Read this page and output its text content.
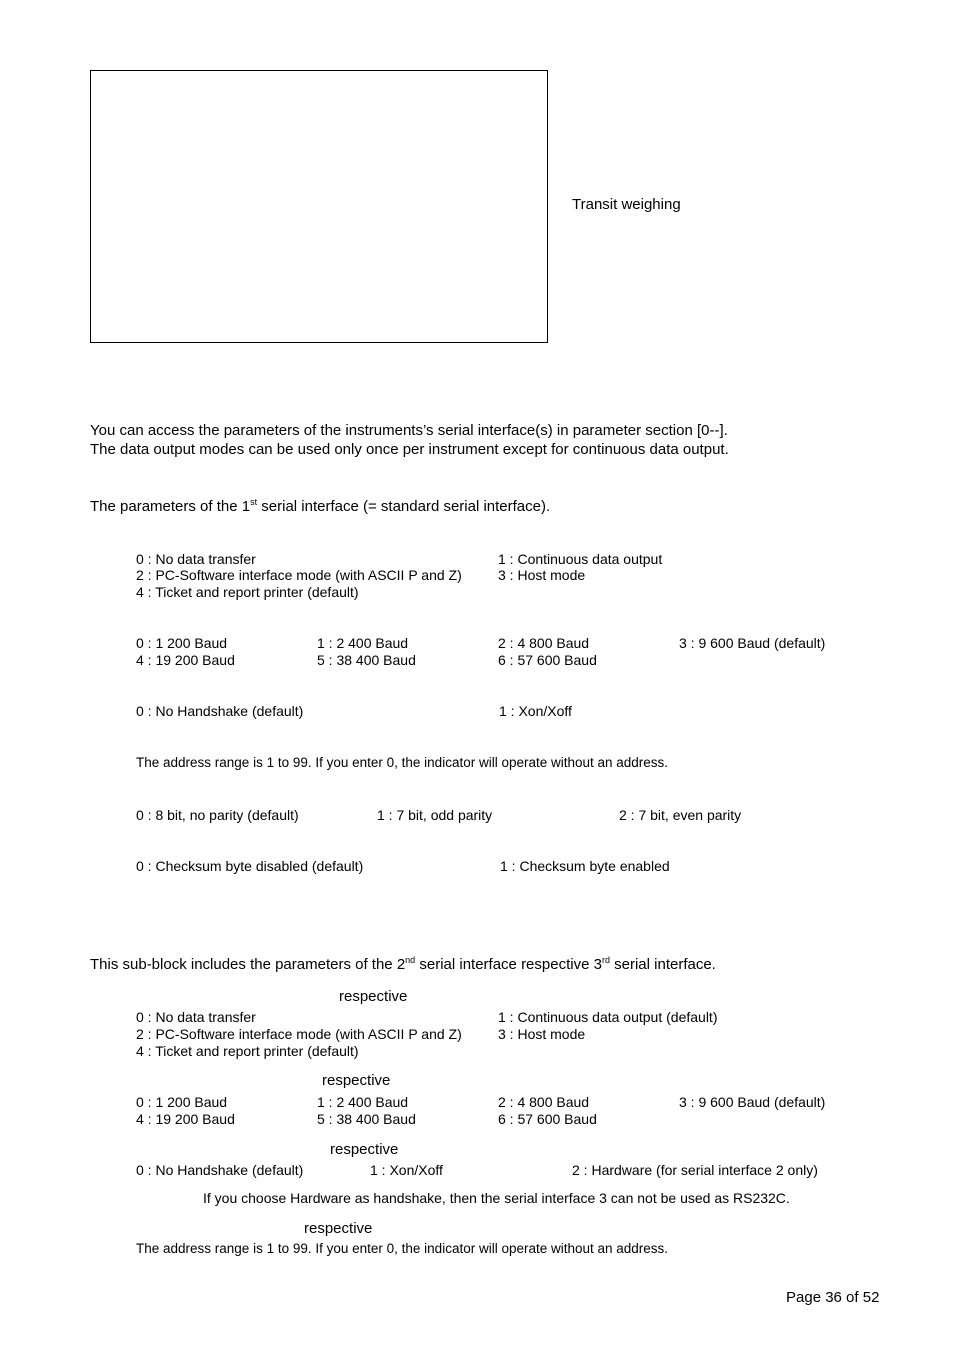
Transit weighing
You can access the parameters of the instruments’s serial interface(s) in parameter section [0--].
The data output modes can be used only once per instrument except for continuous data output.
The parameters of the 1st serial interface (= standard serial interface).
0 : No data transfer	1 : Continuous data output
2 : PC-Software interface mode (with ASCII P and Z)	3 : Host mode
4 : Ticket and report printer (default)
0 : 1 200 Baud	1 : 2 400 Baud	2 : 4 800 Baud	3 : 9 600 Baud (default)
4 : 19 200 Baud	5 : 38 400 Baud	6 : 57 600 Baud
0 : No Handshake (default)	1 : Xon/Xoff
The address range is 1 to 99. If you enter 0, the indicator will operate without an address.
0 : 8 bit, no parity (default)	1 : 7 bit, odd parity	2 : 7 bit, even parity
0 : Checksum byte disabled (default)	1 : Checksum byte enabled
This sub-block includes the parameters of the 2nd serial interface respective 3rd serial interface.
respective
0 : No data transfer	1 : Continuous data output (default)
2 : PC-Software interface mode (with ASCII P and Z)	3 : Host mode
4 : Ticket and report printer (default)
respective
0 : 1 200 Baud	1 : 2 400 Baud	2 : 4 800 Baud	3 : 9 600 Baud (default)
4 : 19 200 Baud	5 : 38 400 Baud	6 : 57 600 Baud
respective
0 : No Handshake (default)	1 : Xon/Xoff	2 : Hardware (for serial interface 2 only)
If you choose Hardware as handshake, then the serial interface 3 can not be used as RS232C.
respective
The address range is 1 to 99. If you enter 0, the indicator will operate without an address.
Page 36 of 52
